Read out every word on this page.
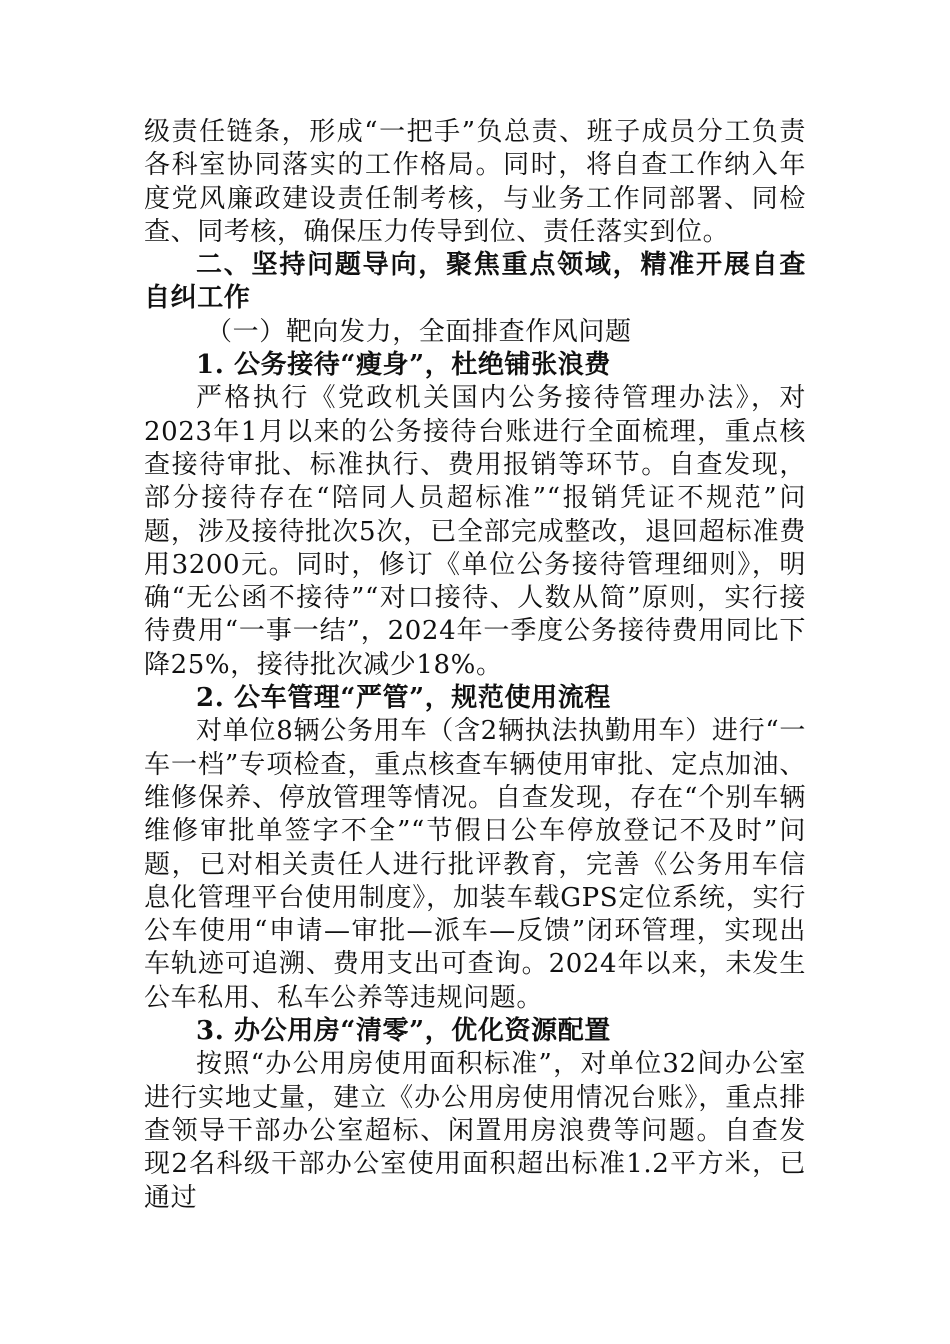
级责任链条，形成“一把手”负总责、班子成员分工负责各科室协同落实的工作格局。同时，将自查工作纳入年度党风廉政建设责任制考核，与业务工作同部署、同检查、同考核，确保压力传导到位、责任落实到位。

二、坚持问题导向，聚焦重点领域，精准开展自查自纠工作

（一）靶向发力，全面排查作风问题

1. 公务接待“瘦身”，杜绝铺张浪费

严格执行《党政机关国内公务接待管理办法》，对2023年1月以来的公务接待台账进行全面梳理，重点核查接待审批、标准执行、费用报销等环节。自查发现，部分接待存在“陪同人员超标准”“报销凭证不规范”问题，涉及接待批次5次，已全部完成整改，退回超标准费用3200元。同时，修订《单位公务接待管理细则》，明确“无公函不接待”“对口接待、人数从简”原则，实行接待费用“一事一结”，2024年一季度公务接待费用同比下降25%，接待批次减少18%。

2. 公车管理“严管”，规范使用流程

对单位8辆公务用车（含2辆执法执勤用车）进行“一车一档”专项检查，重点核查车辆使用审批、定点加油、维修保养、停放管理等情况。自查发现，存在“个别车辆维修审批单签字不全”“节假日公车停放登记不及时”问题，已对相关责任人进行批评教育，完善《公务用车信息化管理平台使用制度》，加装车载GPS定位系统，实行公车使用“申请—审批—派车—反馈”闭环管理，实现出车轨迹可追溯、费用支出可查询。2024年以来，未发生公车私用、私车公养等违规问题。

3. 办公用房“清零”，优化资源配置

按照“办公用房使用面积标准”，对单位32间办公室进行实地丈量，建立《办公用房使用情况台账》，重点排查领导干部办公室超标、闲置用房浪费等问题。自查发现2名科级干部办公室使用面积超出标准1.2平方米，已通过
